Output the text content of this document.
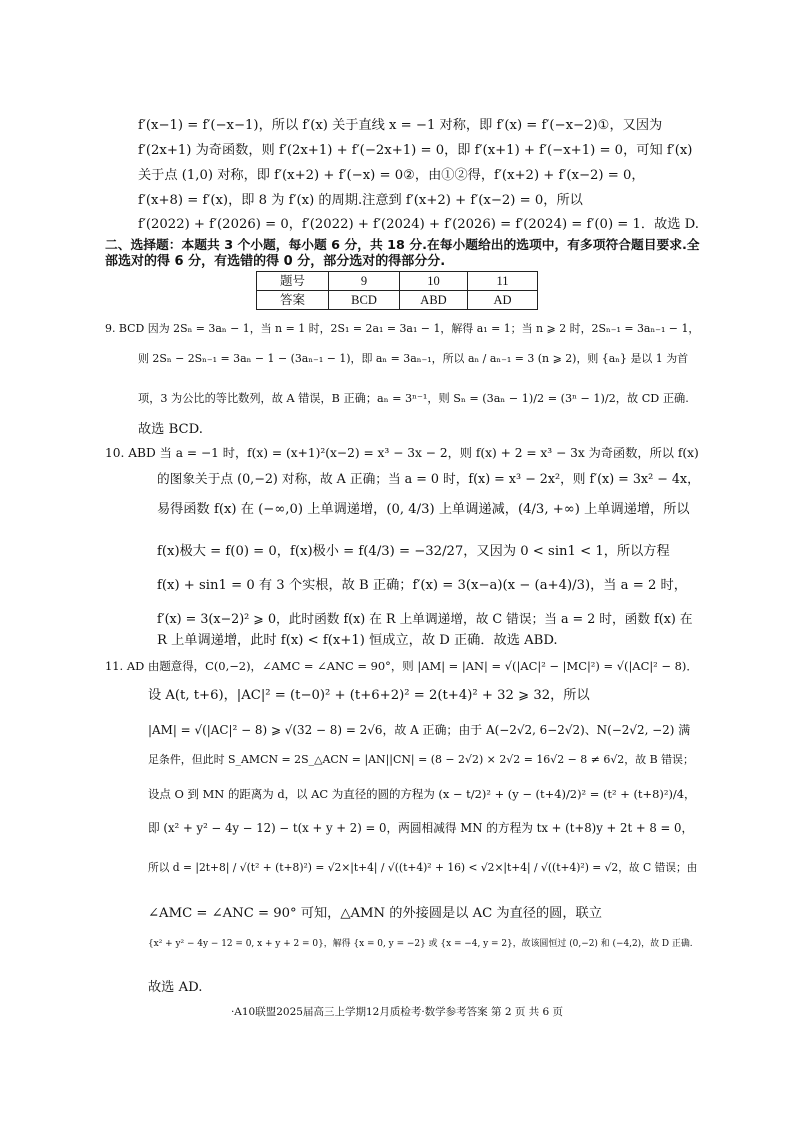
f′(x−1) = f′(−x−1)，所以 f′(x) 关于直线 x = −1 对称，即 f′(x) = f′(−x−2)①，又因为
f′(2x+1) 为奇函数，则 f′(2x+1) + f′(−2x+1) = 0，即 f′(x+1) + f′(−x+1) = 0，可知 f′(x)
关于点 (1,0) 对称，即 f′(x+2) + f′(−x) = 0②，由①②得，f′(x+2) + f′(x−2) = 0，
f′(x+8) = f′(x)，即 8 为 f′(x) 的周期.注意到 f′(x+2) + f′(x−2) = 0，所以
f′(2022) + f′(2026) = 0，f′(2022) + f′(2024) + f′(2026) = f′(2024) = f′(0) = 1．故选 D.
二、选择题：本题共 3 个小题，每小题 6 分，共 18 分.在每小题给出的选项中，有多项符合题目要求.全
部选对的得 6 分，有选错的得 0 分，部分选对的得部分分.
题号	9	10	11
答案	BCD	ABD	AD
9. BCD 因为 2Sₙ = 3aₙ − 1，当 n = 1 时，2S₁ = 2a₁ = 3a₁ − 1，解得 a₁ = 1；当 n ⩾ 2 时，2Sₙ₋₁ = 3aₙ₋₁ − 1，
则 2Sₙ − 2Sₙ₋₁ = 3aₙ − 1 − (3aₙ₋₁ − 1)，即 aₙ = 3aₙ₋₁，所以 aₙ / aₙ₋₁ = 3 (n ⩾ 2)，则 {aₙ} 是以 1 为首
项，3 为公比的等比数列，故 A 错误，B 正确；aₙ = 3ⁿ⁻¹，则 Sₙ = (3aₙ − 1)/2 = (3ⁿ − 1)/2，故 CD 正确.
故选 BCD.
10. ABD 当 a = −1 时，f(x) = (x+1)²(x−2) = x³ − 3x − 2，则 f(x) + 2 = x³ − 3x 为奇函数，所以 f(x)
的图象关于点 (0,−2) 对称，故 A 正确；当 a = 0 时，f(x) = x³ − 2x²，则 f′(x) = 3x² − 4x，
易得函数 f(x) 在 (−∞,0) 上单调递增，(0, 4/3) 上单调递减，(4/3, +∞) 上单调递增，所以
f(x)极大 = f(0) = 0，f(x)极小 = f(4/3) = −32/27，又因为 0 < sin1 < 1，所以方程
f(x) + sin1 = 0 有 3 个实根，故 B 正确；f′(x) = 3(x−a)(x − (a+4)/3)，当 a = 2 时，
f′(x) = 3(x−2)² ⩾ 0，此时函数 f(x) 在 R 上单调递增，故 C 错误；当 a = 2 时，函数 f(x) 在
R 上单调递增，此时 f(x) < f(x+1) 恒成立，故 D 正确．故选 ABD.
11. AD 由题意得，C(0,−2)，∠AMC = ∠ANC = 90°，则 |AM| = |AN| = √(|AC|² − |MC|²) = √(|AC|² − 8)．
设 A(t, t+6)，|AC|² = (t−0)² + (t+6+2)² = 2(t+4)² + 32 ⩾ 32，所以
|AM| = √(|AC|² − 8) ⩾ √(32 − 8) = 2√6，故 A 正确；由于 A(−2√2, 6−2√2)、N(−2√2, −2) 满
足条件，但此时 S_AMCN = 2S_△ACN = |AN||CN| = (8 − 2√2) × 2√2 = 16√2 − 8 ≠ 6√2，故 B 错误；
设点 O 到 MN 的距离为 d，以 AC 为直径的圆的方程为 (x − t/2)² + (y − (t+4)/2)² = (t² + (t+8)²)/4，
即 (x² + y² − 4y − 12) − t(x + y + 2) = 0，两圆相减得 MN 的方程为 tx + (t+8)y + 2t + 8 = 0，
所以 d = |2t+8| / √(t² + (t+8)²) = √2×|t+4| / √((t+4)² + 16) < √2×|t+4| / √((t+4)²) = √2，故 C 错误；由
∠AMC = ∠ANC = 90° 可知，△AMN 的外接圆是以 AC 为直径的圆，联立
{x² + y² − 4y − 12 = 0, x + y + 2 = 0}，解得 {x = 0, y = −2} 或 {x = −4, y = 2}，故该圆恒过 (0,−2) 和 (−4,2)，故 D 正确.
故选 AD.
·A10联盟2025届高三上学期12月质检考·数学参考答案 第 2 页 共 6 页
